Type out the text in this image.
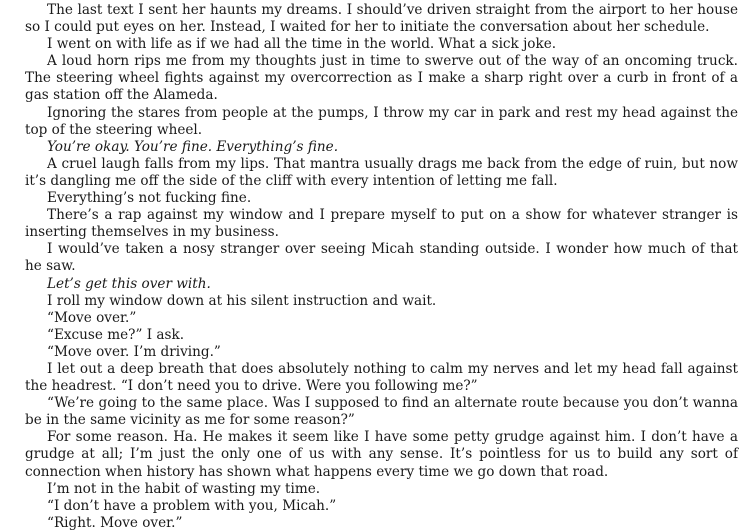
The last text I sent her haunts my dreams. I should’ve driven straight from the airport to her house so I could put eyes on her. Instead, I waited for her to initiate the conversation about her schedule.

I went on with life as if we had all the time in the world. What a sick joke.

A loud horn rips me from my thoughts just in time to swerve out of the way of an oncoming truck. The steering wheel fights against my overcorrection as I make a sharp right over a curb in front of a gas station off the Alameda.

Ignoring the stares from people at the pumps, I throw my car in park and rest my head against the top of the steering wheel.

You’re okay. You’re fine. Everything’s fine.

A cruel laugh falls from my lips. That mantra usually drags me back from the edge of ruin, but now it’s dangling me off the side of the cliff with every intention of letting me fall.

Everything’s not fucking fine.

There’s a rap against my window and I prepare myself to put on a show for whatever stranger is inserting themselves in my business.

I would’ve taken a nosy stranger over seeing Micah standing outside. I wonder how much of that he saw.

Let’s get this over with.

I roll my window down at his silent instruction and wait.

“Move over.”

“Excuse me?” I ask.

“Move over. I’m driving.”

I let out a deep breath that does absolutely nothing to calm my nerves and let my head fall against the headrest. “I don’t need you to drive. Were you following me?”

“We’re going to the same place. Was I supposed to find an alternate route because you don’t wanna be in the same vicinity as me for some reason?”

For some reason. Ha. He makes it seem like I have some petty grudge against him. I don’t have a grudge at all; I’m just the only one of us with any sense. It’s pointless for us to build any sort of connection when history has shown what happens every time we go down that road.

I’m not in the habit of wasting my time.

“I don’t have a problem with you, Micah.”

“Right. Move over.”
